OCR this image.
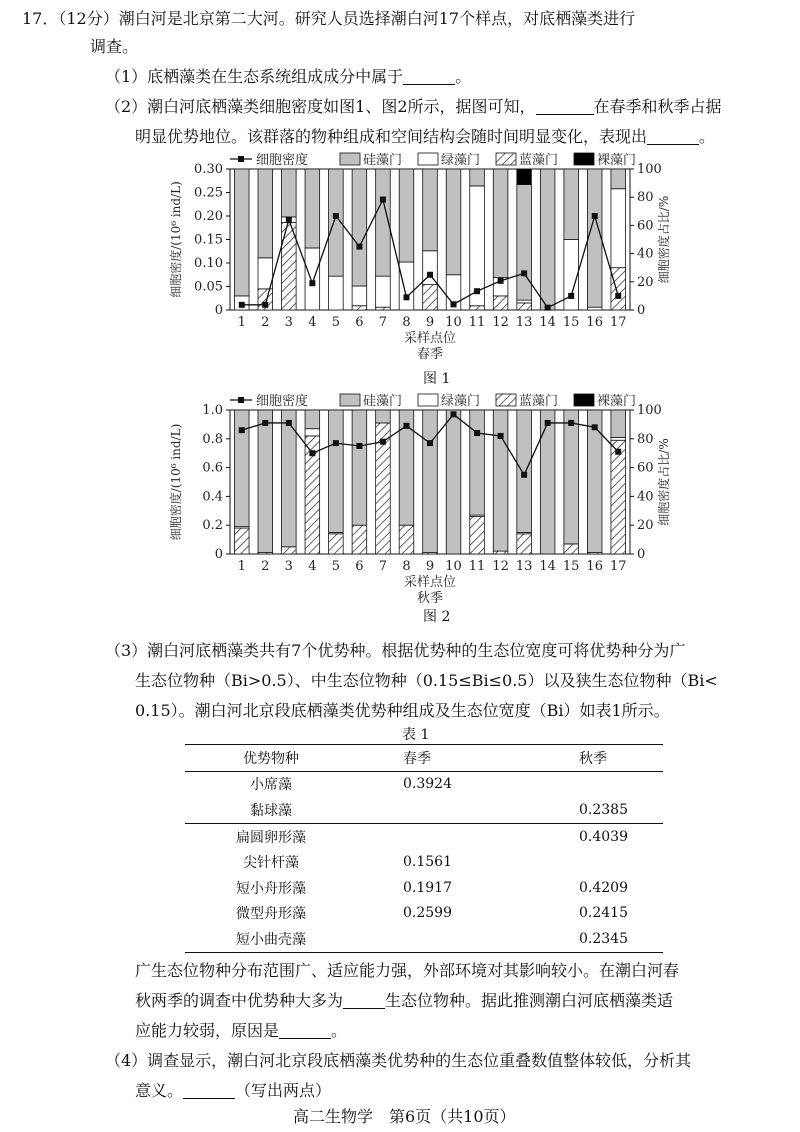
17．（12分）潮白河是北京第二大河。研究人员选择潮白河17个样点，对底栖藻类进行
调查。
（1）底栖藻类在生态系统组成成分中属于	。
（2）潮白河底栖藻类细胞密度如图1、图2所示，据图可知，	在春季和秋季占据
明显优势地位。该群落的物种组成和空间结构会随时间明显变化，表现出	。
细胞密度	硅藻门	绿藻门	蓝藻门	裸藻门
0
0.05
0.10
0.15
0.20
0.25
0.30
0
20
40
60
80
100
细胞密度/(10⁶ ind/L)	细胞密度占比/%
1 2 3 4 5 6 7 8 9 10 11 12 13 14 15 16 17
采样点位
春季
图 1
细胞密度	硅藻门	绿藻门	蓝藻门	裸藻门
0
0.2
0.4
0.6
0.8
1.0
0
20
40
60
80
100
细胞密度/(10⁶ ind/L)	细胞密度占比/%
1 2 3 4 5 6 7 8 9 10 11 12 13 14 15 16 17
采样点位
秋季
图 2
（3）潮白河底栖藻类共有7个优势种。根据优势种的生态位宽度可将优势种分为广
生态位物种（Bi>0.5）、中生态位物种（0.15≤Bi≤0.5）以及狭生态位物种（Bi<
0.15）。潮白河北京段底栖藻类优势种组成及生态位宽度（Bi）如表1所示。
表 1
优势物种	春季	秋季
小席藻	0.3924	
黏球藻		0.2385
扁圆卵形藻		0.4039
尖针杆藻	0.1561	
短小舟形藻	0.1917	0.4209
微型舟形藻	0.2599	0.2415
短小曲壳藻		0.2345
广生态位物种分布范围广、适应能力强，外部环境对其影响较小。在潮白河春
秋两季的调查中优势种大多为	生态位物种。据此推测潮白河底栖藻类适
应能力较弱，原因是	。
（4）调查显示，潮白河北京段底栖藻类优势种的生态位重叠数值整体较低，分析其
意义。	（写出两点）
高二生物学　第6页（共10页）
